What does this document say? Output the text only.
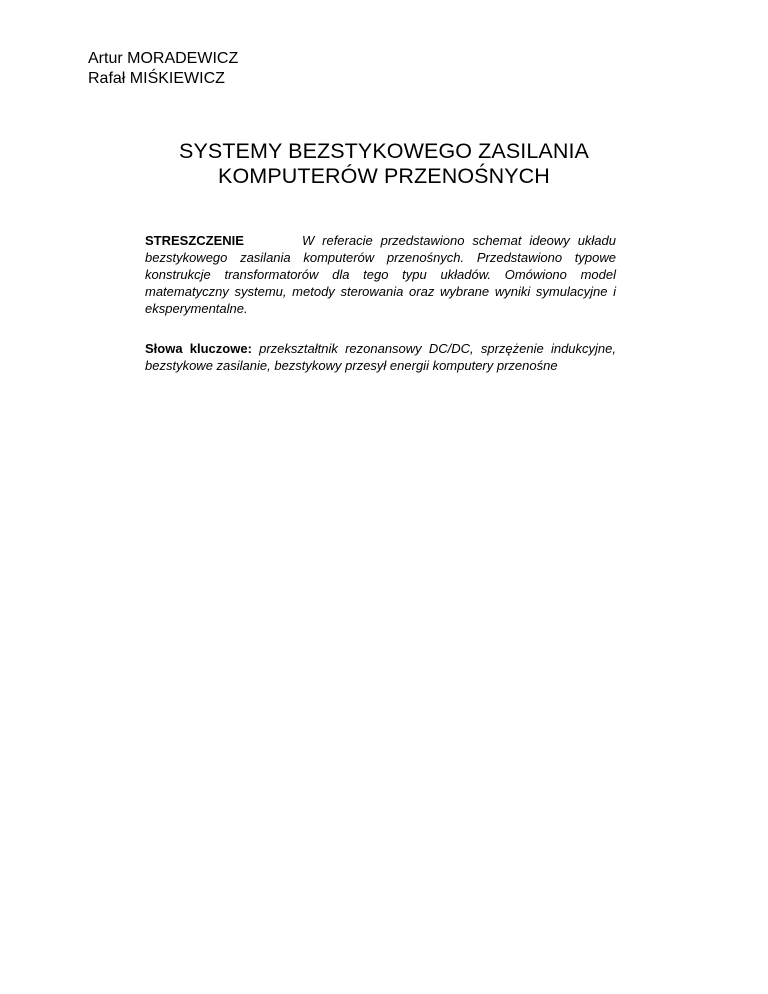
Artur MORADEWICZ
Rafał MIŚKIEWICZ
SYSTEMY BEZSTYKOWEGO ZASILANIA
KOMPUTERÓW PRZENOŚNYCH
STRESZCZENIE	W referacie przedstawiono schemat ideowy układu bezstykowego zasilania komputerów przenośnych. Przedstawiono typowe konstrukcje transformatorów dla tego typu układów. Omówiono model matematyczny systemu, metody sterowania oraz wybrane wyniki symulacyjne i eksperymentalne.
Słowa kluczowe: przekształtnik rezonansowy DC/DC, sprzężenie indukcyjne, bezstykowe zasilanie, bezstykowy przesył energii komputery przenośne
